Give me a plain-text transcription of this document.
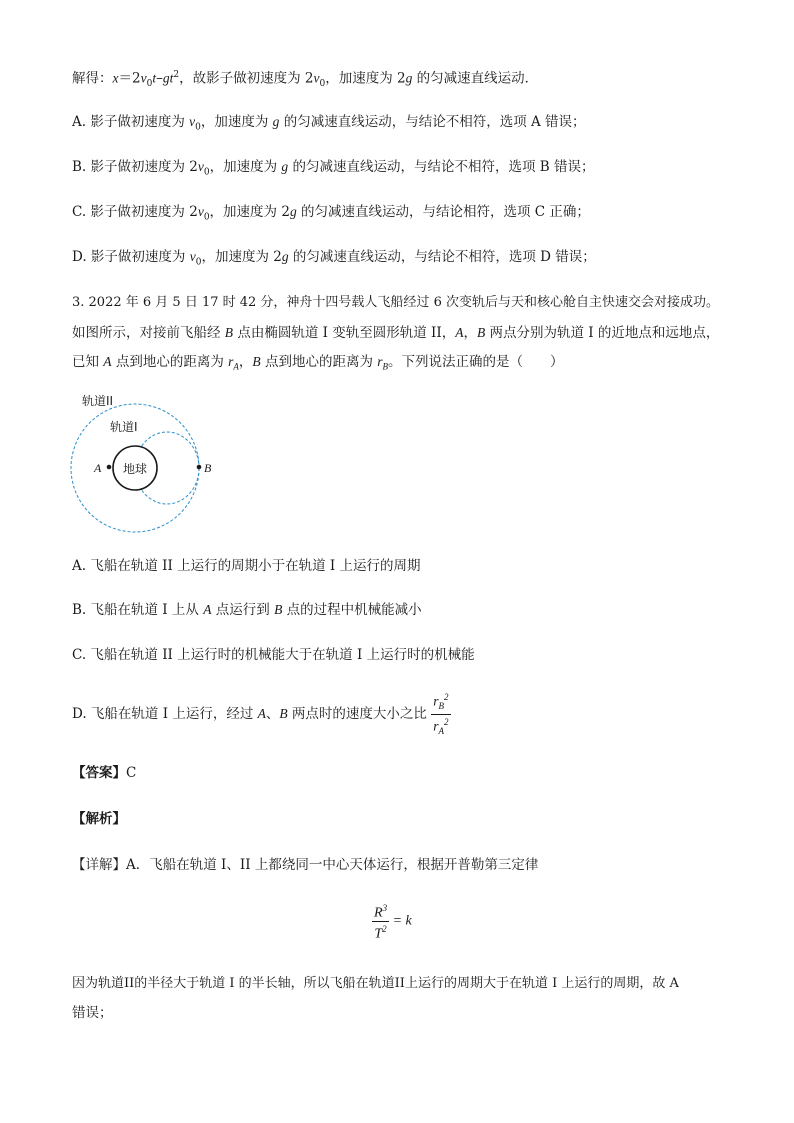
解得：$x=2v_0t-gt^2$，故影子做初速度为 $2v_0$，加速度为 2g 的匀减速直线运动．
A. 影子做初速度为 $v_0$，加速度为 g 的匀减速直线运动，与结论不相符，选项 A 错误；
B. 影子做初速度为 $2v_0$，加速度为 g 的匀减速直线运动，与结论不相符，选项 B 错误；
C. 影子做初速度为 $2v_0$，加速度为 2g 的匀减速直线运动，与结论相符，选项 C 正确；
D. 影子做初速度为 $v_0$，加速度为 2g 的匀减速直线运动，与结论不相符，选项 D 错误；
3. 2022 年 6 月 5 日 17 时 42 分，神舟十四号载人飞船经过 6 次变轨后与天和核心舱自主快速交会对接成功。
如图所示，对接前飞船经 B 点由椭圆轨道 I 变轨至圆形轨道 II，A，B 两点分别为轨道 I 的近地点和远地点，
已知 A 点到地心的距离为 $r_A$，B 点到地心的距离为 $r_B$。下列说法正确的是（　　）
地球
A	B
轨道II
轨道I
A. 飞船在轨道 II 上运行的周期小于在轨道 I 上运行的周期
B. 飞船在轨道 I 上从 A 点运行到 B 点的过程中机械能减小
C. 飞船在轨道 II 上运行时的机械能大于在轨道 I 上运行时的机械能
D. 飞船在轨道 I 上运行，经过 A、B 两点时的速度大小之比 $\frac{r_B^2}{r_A^2}$
【答案】C
【解析】
【详解】A．飞船在轨道 I、II 上都绕同一中心天体运行，根据开普勒第三定律
$\frac{R^3}{T^2} = k$
因为轨道II的半径大于轨道 I 的半长轴，所以飞船在轨道II上运行的周期大于在轨道 I 上运行的周期，故 A
错误；
